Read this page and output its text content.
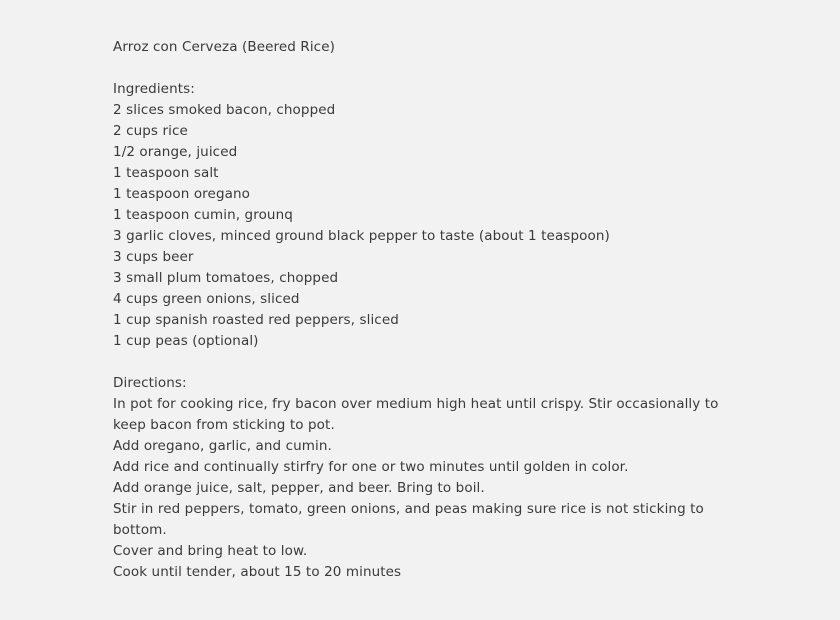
Arroz con Cerveza (Beered Rice)
Ingredients:
2 slices smoked bacon, chopped
2 cups rice
1/2 orange, juiced
1 teaspoon salt
1 teaspoon oregano
1 teaspoon cumin, grounq
3 garlic cloves, minced ground black pepper to taste (about 1 teaspoon)
3 cups beer
3 small plum tomatoes, chopped
4 cups green onions, sliced
1 cup spanish roasted red peppers, sliced
1 cup peas (optional)
Directions:
In pot for cooking rice, fry bacon over medium high heat until crispy. Stir occasionally to keep bacon from sticking to pot.
Add oregano, garlic, and cumin.
Add rice and continually stirfry for one or two minutes until golden in color.
Add orange juice, salt, pepper, and beer. Bring to boil.
Stir in red peppers, tomato, green onions, and peas making sure rice is not sticking to bottom.
Cover and bring heat to low.
Cook until tender, about 15 to 20 minutes
